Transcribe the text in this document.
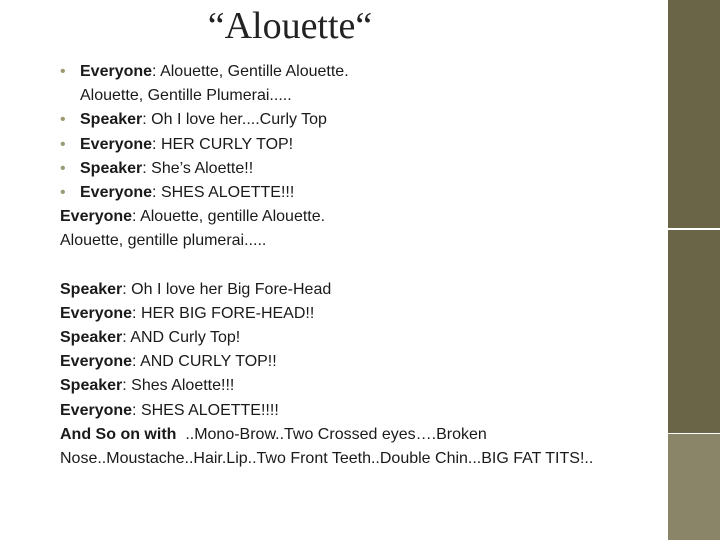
“Alouette“
• Everyone: Alouette, Gentille Alouette.
Alouette, Gentille Plumerai.....
• Speaker: Oh I love her....Curly Top
• Everyone: HER CURLY TOP!
• Speaker: She’s Aloette!!
• Everyone: SHES ALOETTE!!!
Everyone: Alouette, gentille Alouette.
Alouette, gentille plumerai.....
Speaker: Oh I love her Big Fore-Head
Everyone: HER BIG FORE-HEAD!!
Speaker: AND Curly Top!
Everyone: AND CURLY TOP!!
Speaker: Shes Aloette!!!
Everyone: SHES ALOETTE!!!!
And So on with  ..Mono-Brow..Two Crossed eyes….Broken Nose..Moustache..Hair.Lip..Two Front Teeth..Double Chin...BIG FAT TITS!..
